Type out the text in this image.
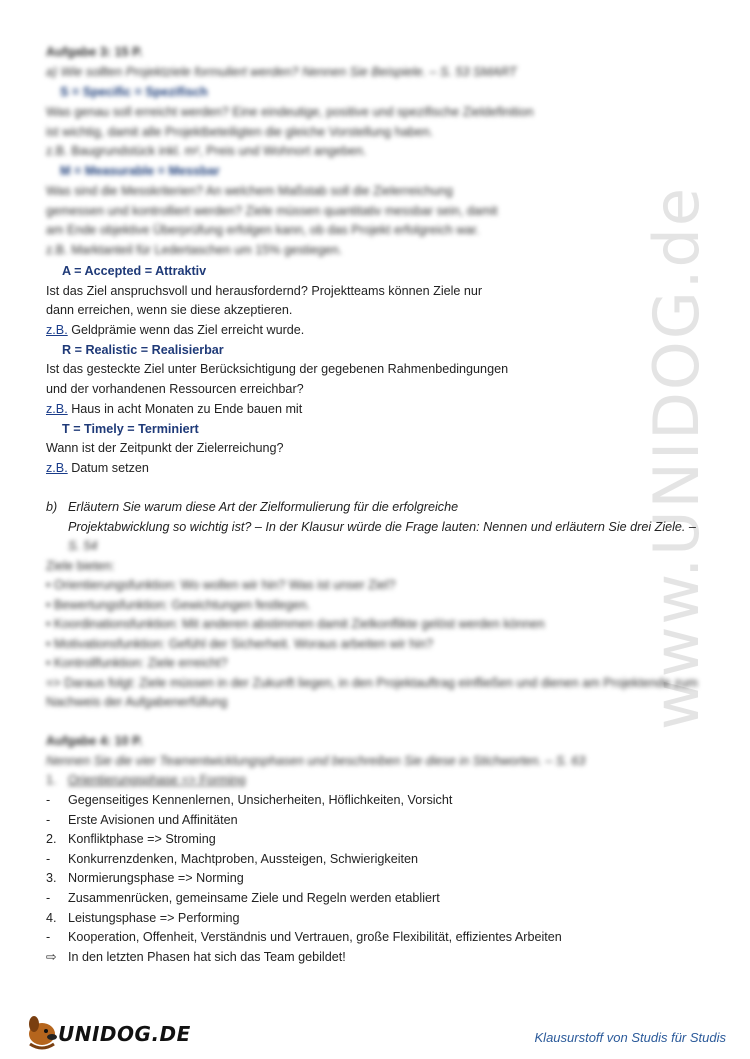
www.UNIDOG.de
Aufgabe 3: 15 P.
a) Wie sollten Projektziele formuliert werden? Nennen Sie Beispiele. – S. 53 SMART
S = Specific = Spezifisch
Was genau soll erreicht werden? Eine eindeutige, positive und spezifische Zieldefinition
ist wichtig, damit alle Projektbeteiligten die gleiche Vorstellung haben.
z.B. Baugrundstück inkl. m², Preis und Wohnort angeben.
M = Measurable = Messbar
Was sind die Messkriterien? An welchem Maßstab soll die Zielerreichung
gemessen und kontrolliert werden? Ziele müssen quantitativ messbar sein, damit
am Ende objektive Überprüfung erfolgen kann, ob das Projekt erfolgreich war.
z.B. Marktanteil für Ledertaschen um 15% gestiegen.
A = Accepted = Attraktiv
Ist das Ziel anspruchsvoll und herausfordernd? Projektteams können Ziele nur
dann erreichen, wenn sie diese akzeptieren.
z.B. Geldprämie wenn das Ziel erreicht wurde.
R = Realistic = Realisierbar
Ist das gesteckte Ziel unter Berücksichtigung der gegebenen Rahmenbedingungen
und der vorhandenen Ressourcen erreichbar?
z.B. Haus in acht Monaten zu Ende bauen mit
T = Timely = Terminiert
Wann ist der Zeitpunkt der Zielerreichung?
z.B. Datum setzen
b) Erläutern Sie warum diese Art der Zielformulierung für die erfolgreiche
Projektabwicklung so wichtig ist? – In der Klausur würde die Frage lauten: Nennen und erläutern Sie drei Ziele. –
S. 54
Ziele bieten:
• Orientierungsfunktion: Wo wollen wir hin? Was ist unser Ziel?
• Bewertungsfunktion: Gewichtungen festlegen.
• Koordinationsfunktion: Mit anderen abstimmen damit Zielkonflikte gelöst werden können
• Motivationsfunktion: Gefühl der Sicherheit. Woraus arbeiten wir hin?
• Kontrollfunktion: Ziele erreicht?
=> Daraus folgt: Ziele müssen in der Zukunft liegen, in den Projektauftrag einfließen und dienen am Projektende zum
Nachweis der Aufgabenerfüllung
Aufgabe 4: 10 P.
Nennen Sie die vier Teamentwicklungsphasen und beschreiben Sie diese in Stichworten. – S. 63
1. Orientierungsphase => Forming
- Gegenseitiges Kennenlernen, Unsicherheiten, Höflichkeiten, Vorsicht
- Erste Avisionen und Affinitäten
2. Konfliktphase => Stroming
- Konkurrenzdenken, Machtproben, Aussteigen, Schwierigkeiten
3. Normierungsphase => Norming
- Zusammenrücken, gemeinsame Ziele und Regeln werden etabliert
4. Leistungsphase => Performing
- Kooperation, Offenheit, Verständnis und Vertrauen, große Flexibilität, effizientes Arbeiten
⇨ In den letzten Phasen hat sich das Team gebildet!
UNIDOG.DE	Klausurstoff von Studis für Studis
